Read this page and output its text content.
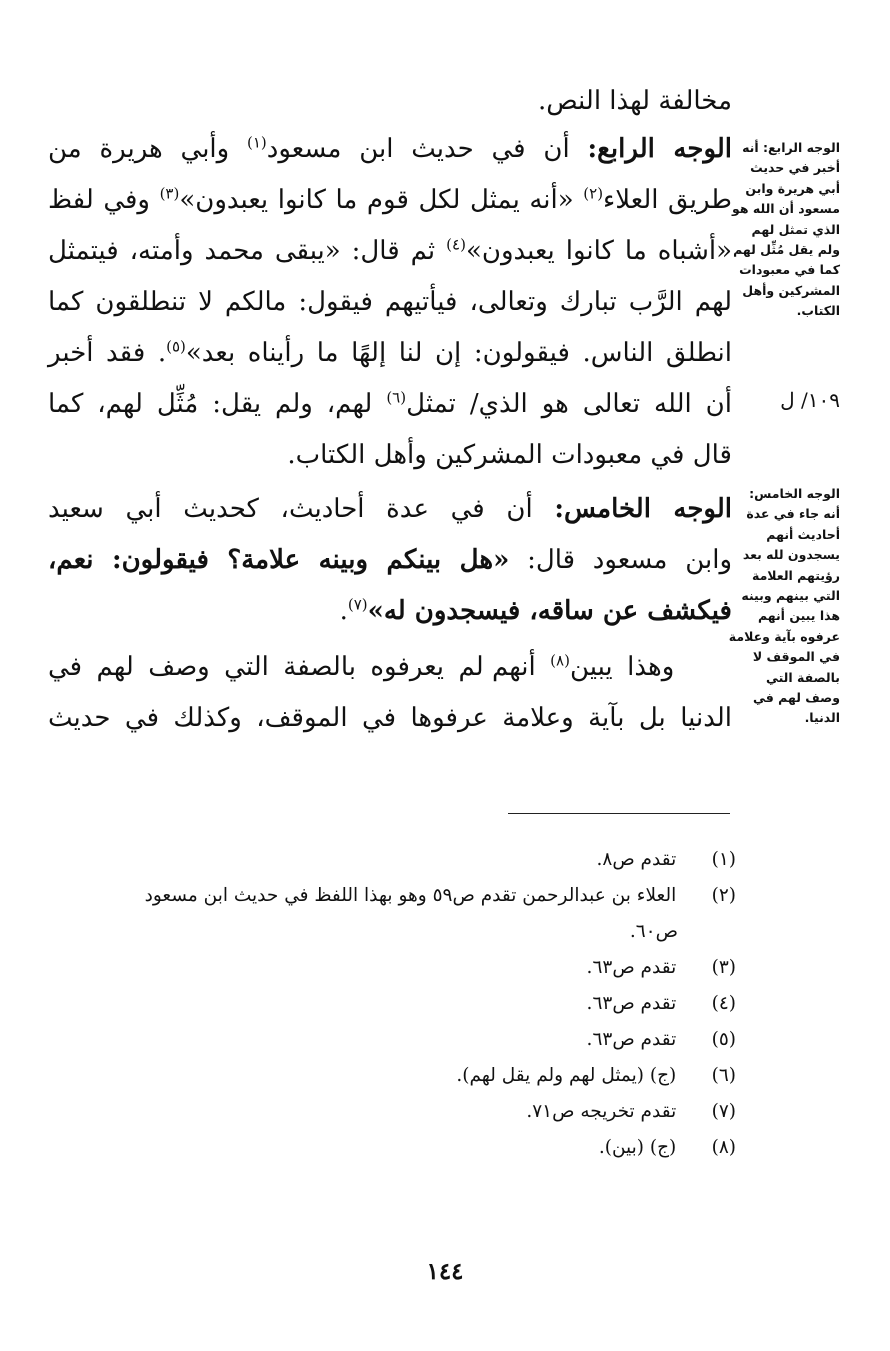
مخالفة لهذا النص.
الوجه الرابع: أن في حديث ابن مسعود$^{(١)}$ وأبي هريرة من
طريق العلاء$^{(٢)}$ «أنه يمثل لكل قوم ما كانوا يعبدون»$^{(٣)}$ وفي لفظ
«أشباه ما كانوا يعبدون»$^{(٤)}$ ثم قال: «يبقى محمد وأمته، فيتمثل
لهم الرَّب تبارك وتعالى، فيأتيهم فيقول: مالكم لا تنطلقون كما
انطلق الناس. فيقولون: إن لنا إلهًا ما رأيناه بعد»$^{(٥)}$. فقد أخبر
أن الله تعالى هو الذي/ تمثل$^{(٦)}$ لهم، ولم يقل: مُثِّل لهم، كما
قال في معبودات المشركين وأهل الكتاب.
الوجه الخامس: أن في عدة أحاديث، كحديث أبي سعيد
وابن مسعود قال: «هل بينكم وبينه علامة؟ فيقولون: نعم،
فيكشف عن ساقه، فيسجدون له»$^{(٧)}$.
وهذا يبين$^{(٨)}$ أنهم لم يعرفوه بالصفة التي وصف لهم في
الدنيا بل بآية وعلامة عرفوها في الموقف، وكذلك في حديث
الوجه الرابع: أنه
أخبر في حديث
أبي هريرة وابن
مسعود أن الله هو
الذي تمثل لهم
ولم يقل مُثِّل لهم
كما في معبودات
المشركين وأهل
الكتاب.
١٠٩/ ل
الوجه الخامس:
أنه جاء في عدة
أحاديث أنهم
يسجدون لله بعد
رؤيتهم العلامة
التي بينهم وبينه
هذا يبين أنهم
عرفوه بآية وعلامة
في الموقف لا
بالصفة التي
وصف لهم في
الدنيا.
(١)  تقدم ص٨.
(٢)  العلاء بن عبدالرحمن تقدم ص٥٩ وهو بهذا اللفظ في حديث ابن مسعود
ص٦٠.
(٣)  تقدم ص٦٣.
(٤)  تقدم ص٦٣.
(٥)  تقدم ص٦٣.
(٦)  (ج) (يمثل لهم ولم يقل لهم).
(٧)  تقدم تخريجه ص٧١.
(٨)  (ج) (بين).
١٤٤
